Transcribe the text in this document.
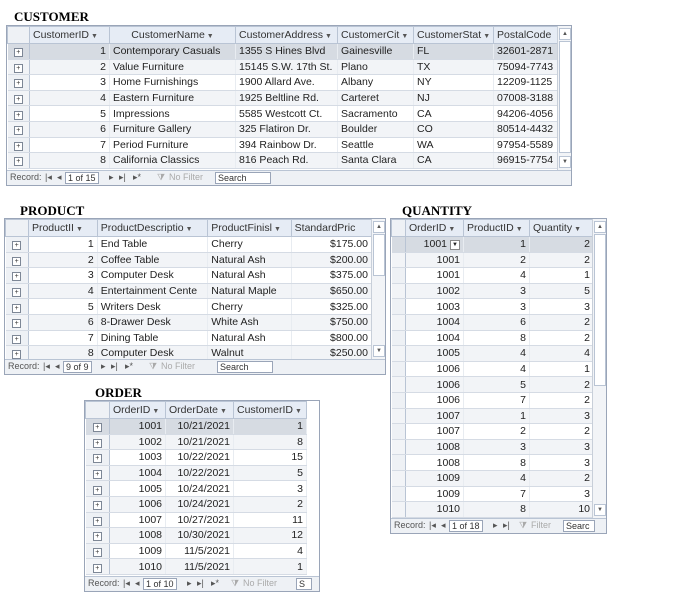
CUSTOMER
	CustomerID ▼	CustomerName ▼	CustomerAddress ▼	CustomerCit ▼	CustomerStat ▼	PostalCode
+	1	Contemporary Casuals	1355 S Hines Blvd	Gainesville	FL	32601-2871
+	2	Value Furniture	15145 S.W. 17th St.	Plano	TX	75094-7743
+	3	Home Furnishings	1900 Allard Ave.	Albany	NY	12209-1125
+	4	Eastern Furniture	1925 Beltline Rd.	Carteret	NJ	07008-3188
+	5	Impressions	5585 Westcott Ct.	Sacramento	CA	94206-4056
+	6	Furniture Gallery	325 Flatiron Dr.	Boulder	CO	80514-4432
+	7	Period Furniture	394 Rainbow Dr.	Seattle	WA	97954-5589
+	8	California Classics	816 Peach Rd.	Santa Clara	CA	96915-7754
▲
▼
Record: |◂ ◂ 1 of 15	▸ ▸| ▸* ⧩ No Filter	Search
PRODUCT
	ProductII ▼	ProductDescriptio ▼	ProductFinisl ▼	StandardPric
+	1	End Table	Cherry	$175.00
+	2	Coffee Table	Natural Ash	$200.00
+	3	Computer Desk	Natural Ash	$375.00
+	4	Entertainment Cente	Natural Maple	$650.00
+	5	Writers Desk	Cherry	$325.00
+	6	8-Drawer Desk	White Ash	$750.00
+	7	Dining Table	Natural Ash	$800.00
+	8	Computer Desk	Walnut	$250.00
▲
▼
Record: |◂ ◂ 9 of 9	▸ ▸| ▸* ⧩ No Filter	Search
QUANTITY
	OrderID ▼	ProductID ▼	Quantity ▼
	1001 ▼	1	2
	1001	2	2
	1001	4	1
	1002	3	5
	1003	3	3
	1004	6	2
	1004	8	2
	1005	4	4
	1006	4	1
	1006	5	2
	1006	7	2
	1007	1	3
	1007	2	2
	1008	3	3
	1008	8	3
	1009	4	2
	1009	7	3
	1010	8	10
▲
▼
Record: |◂ ◂ 1 of 18	▸ ▸| ⧩ Filter	Searc
ORDER
	OrderID ▼	OrderDate ▼	CustomerID ▼
+	1001	10/21/2021	1
+	1002	10/21/2021	8
+	1003	10/22/2021	15
+	1004	10/22/2021	5
+	1005	10/24/2021	3
+	1006	10/24/2021	2
+	1007	10/27/2021	11
+	1008	10/30/2021	12
+	1009	11/5/2021	4
+	1010	11/5/2021	1
Record: |◂ ◂ 1 of 10	▸ ▸| ▸* ⧩ No Filter	S
